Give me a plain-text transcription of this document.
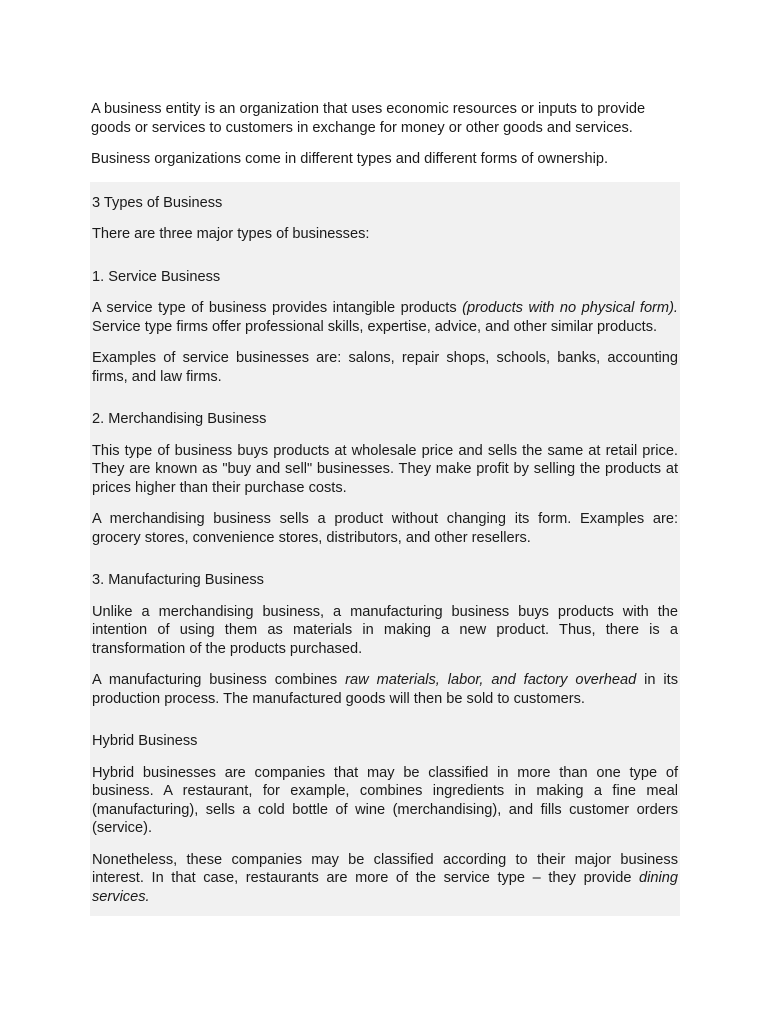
A business entity is an organization that uses economic resources or inputs to provide goods or services to customers in exchange for money or other goods and services.

Business organizations come in different types and different forms of ownership.

3 Types of Business

There are three major types of businesses:

1. Service Business

A service type of business provides intangible products (products with no physical form). Service type firms offer professional skills, expertise, advice, and other similar products.

Examples of service businesses are: salons, repair shops, schools, banks, accounting firms, and law firms.

2. Merchandising Business

This type of business buys products at wholesale price and sells the same at retail price. They are known as "buy and sell" businesses. They make profit by selling the products at prices higher than their purchase costs.

A merchandising business sells a product without changing its form. Examples are: grocery stores, convenience stores, distributors, and other resellers.

3. Manufacturing Business

Unlike a merchandising business, a manufacturing business buys products with the intention of using them as materials in making a new product. Thus, there is a transformation of the products purchased.

A manufacturing business combines raw materials, labor, and factory overhead in its production process. The manufactured goods will then be sold to customers.

Hybrid Business

Hybrid businesses are companies that may be classified in more than one type of business. A restaurant, for example, combines ingredients in making a fine meal (manufacturing), sells a cold bottle of wine (merchandising), and fills customer orders (service).

Nonetheless, these companies may be classified according to their major business interest. In that case, restaurants are more of the service type – they provide dining services.
